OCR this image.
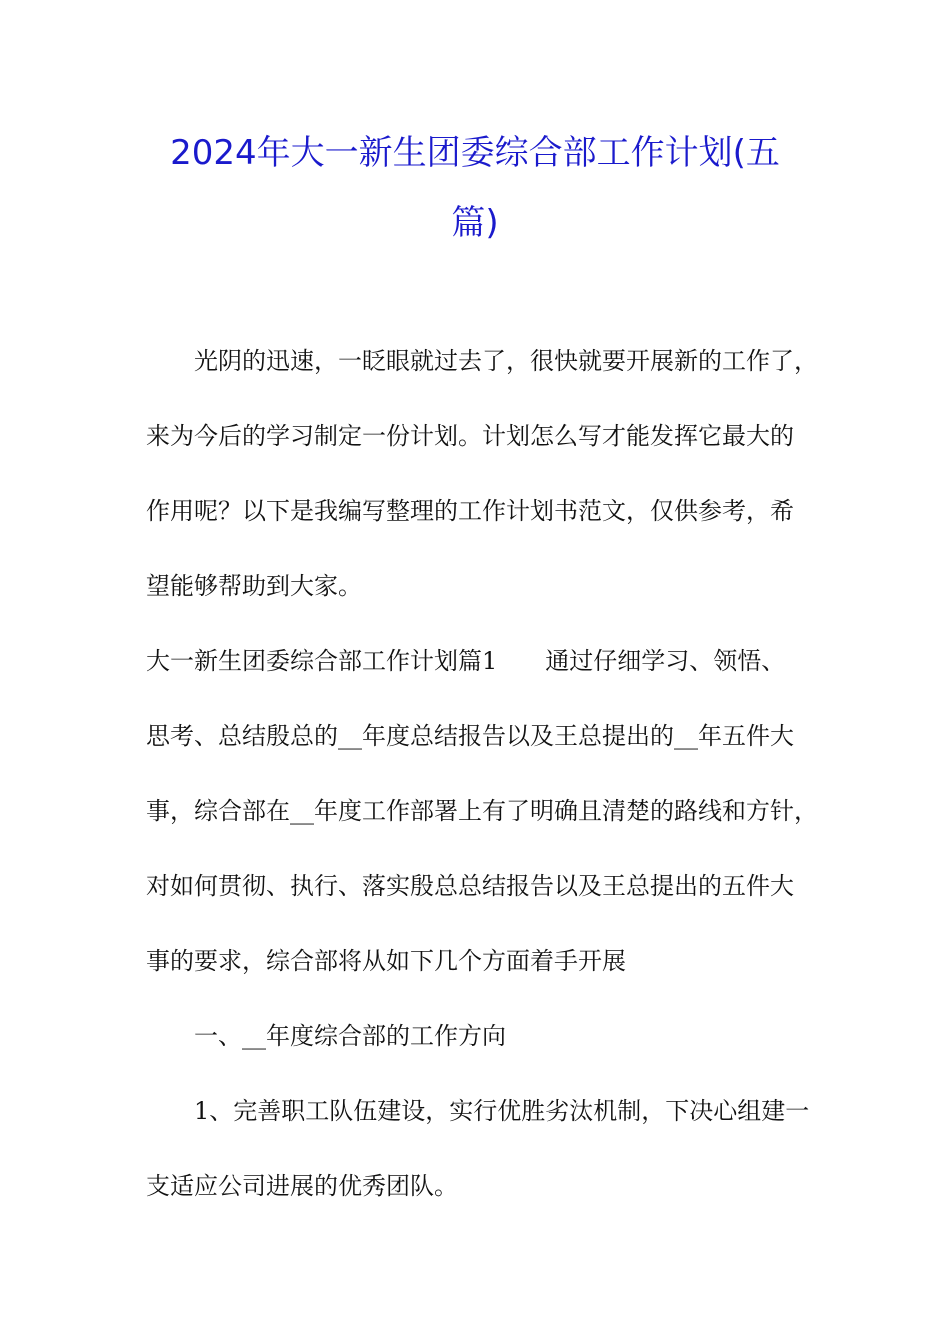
2024年大一新生团委综合部工作计划(五
篇)
光阴的迅速，一眨眼就过去了，很快就要开展新的工作了，
来为今后的学习制定一份计划。计划怎么写才能发挥它最大的
作用呢？以下是我编写整理的工作计划书范文，仅供参考，希
望能够帮助到大家。
大一新生团委综合部工作计划篇1　　通过仔细学习、领悟、
思考、总结殷总的__年度总结报告以及王总提出的__年五件大
事，综合部在__年度工作部署上有了明确且清楚的路线和方针，
对如何贯彻、执行、落实殷总总结报告以及王总提出的五件大
事的要求，综合部将从如下几个方面着手开展
一、__年度综合部的工作方向
1、完善职工队伍建设，实行优胜劣汰机制，下决心组建一
支适应公司进展的优秀团队。
